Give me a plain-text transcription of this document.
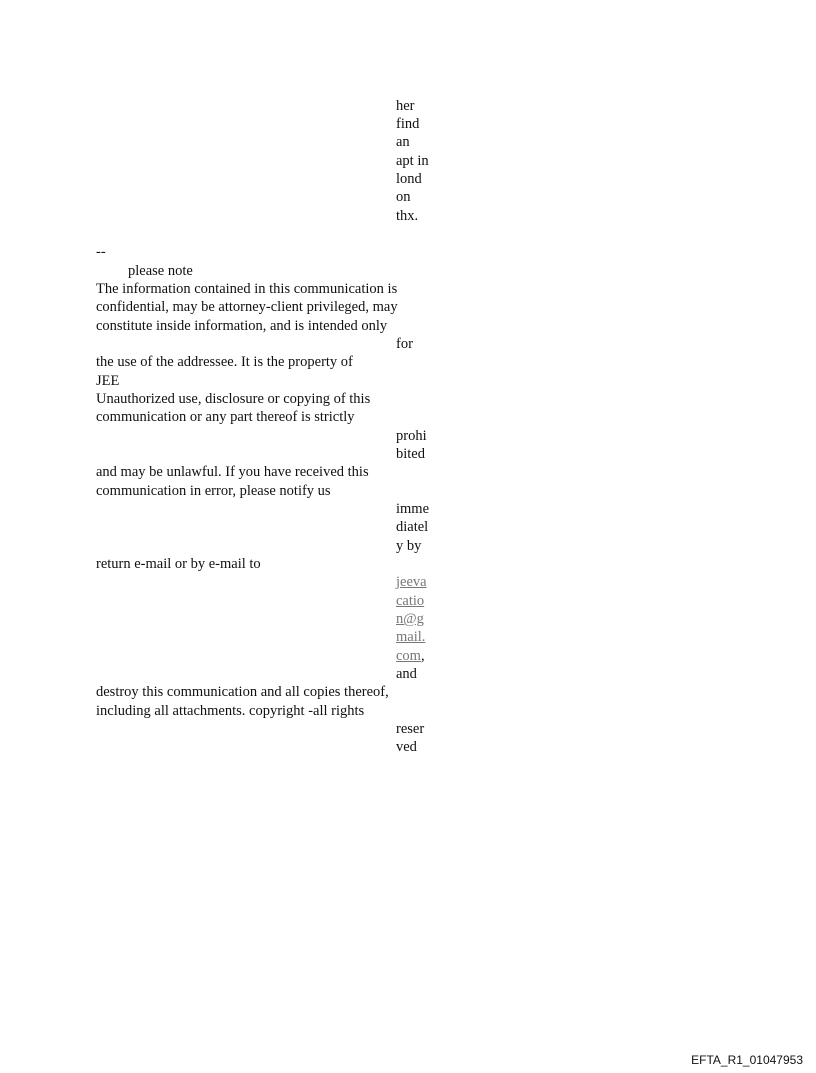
her
find
an
apt in
lond
on
thx.
--
please note
The information contained in this communication is
confidential, may be attorney-client privileged, may
constitute inside information, and is intended only
for
the use of the addressee. It is the property of
JEE
Unauthorized use, disclosure or copying of this
communication or any part thereof is strictly
prohi
bited
and may be unlawful. If you have received this
communication in error, please notify us
imme
diatel
y by
return e-mail or by e-mail to
jeeva
catio
n@g
mail.
com,
and
destroy this communication and all copies thereof,
including all attachments. copyright -all rights
reser
ved
EFTA_R1_01047953
